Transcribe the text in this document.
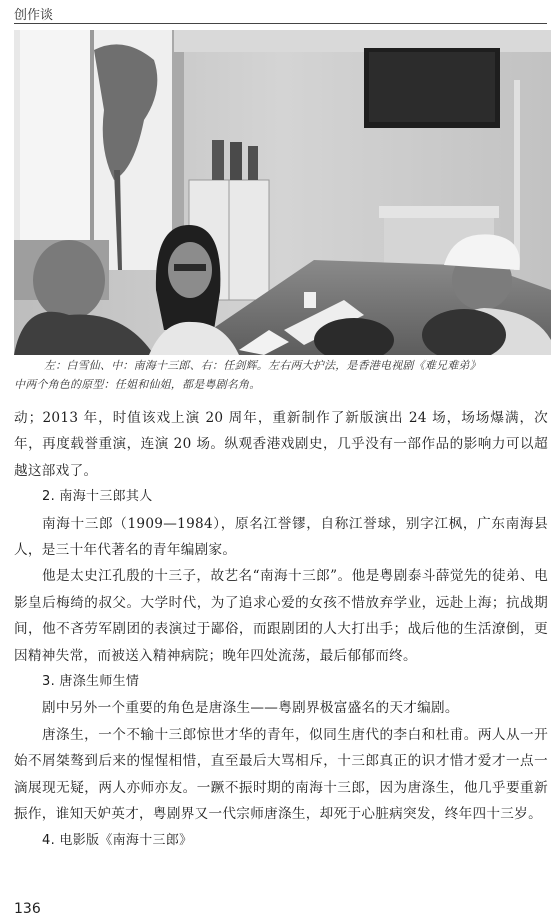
创作谈

左：白雪仙、中：南海十三郎、右：任剑辉。左右两大护法，是香港电视剧《难兄难弟》

中两个角色的原型：任姐和仙姐，都是粤剧名角。

动；2013 年，时值该戏上演 20 周年，重新制作了新版演出 24 场，场场爆满，次年，再度载誉重演，连演 20 场。纵观香港戏剧史，几乎没有一部作品的影响力可以超越这部戏了。

2. 南海十三郎其人

南海十三郎（1909—1984），原名江誉镠，自称江誉球，别字江枫，广东南海县人，是三十年代著名的青年编剧家。

他是太史江孔殷的十三子，故艺名“南海十三郎”。他是粤剧泰斗薛觉先的徒弟、电影皇后梅绮的叔父。大学时代，为了追求心爱的女孩不惜放弃学业，远赴上海；抗战期间，他不吝劳军剧团的表演过于鄙俗，而跟剧团的人大打出手；战后他的生活潦倒，更因精神失常，而被送入精神病院；晚年四处流荡，最后郁郁而终。

3. 唐涤生师生情

剧中另外一个重要的角色是唐涤生——粤剧界极富盛名的天才编剧。

唐涤生，一个不输十三郎惊世才华的青年，似同生唐代的李白和杜甫。两人从一开始不屑桀骜到后来的惺惺相惜，直至最后大骂相斥，十三郎真正的识才惜才爱才一点一滴展现无疑，两人亦师亦友。一蹶不振时期的南海十三郎，因为唐涤生，他几乎要重新振作，谁知天妒英才，粤剧界又一代宗师唐涤生，却死于心脏病突发，终年四十三岁。

4. 电影版《南海十三郎》

136
